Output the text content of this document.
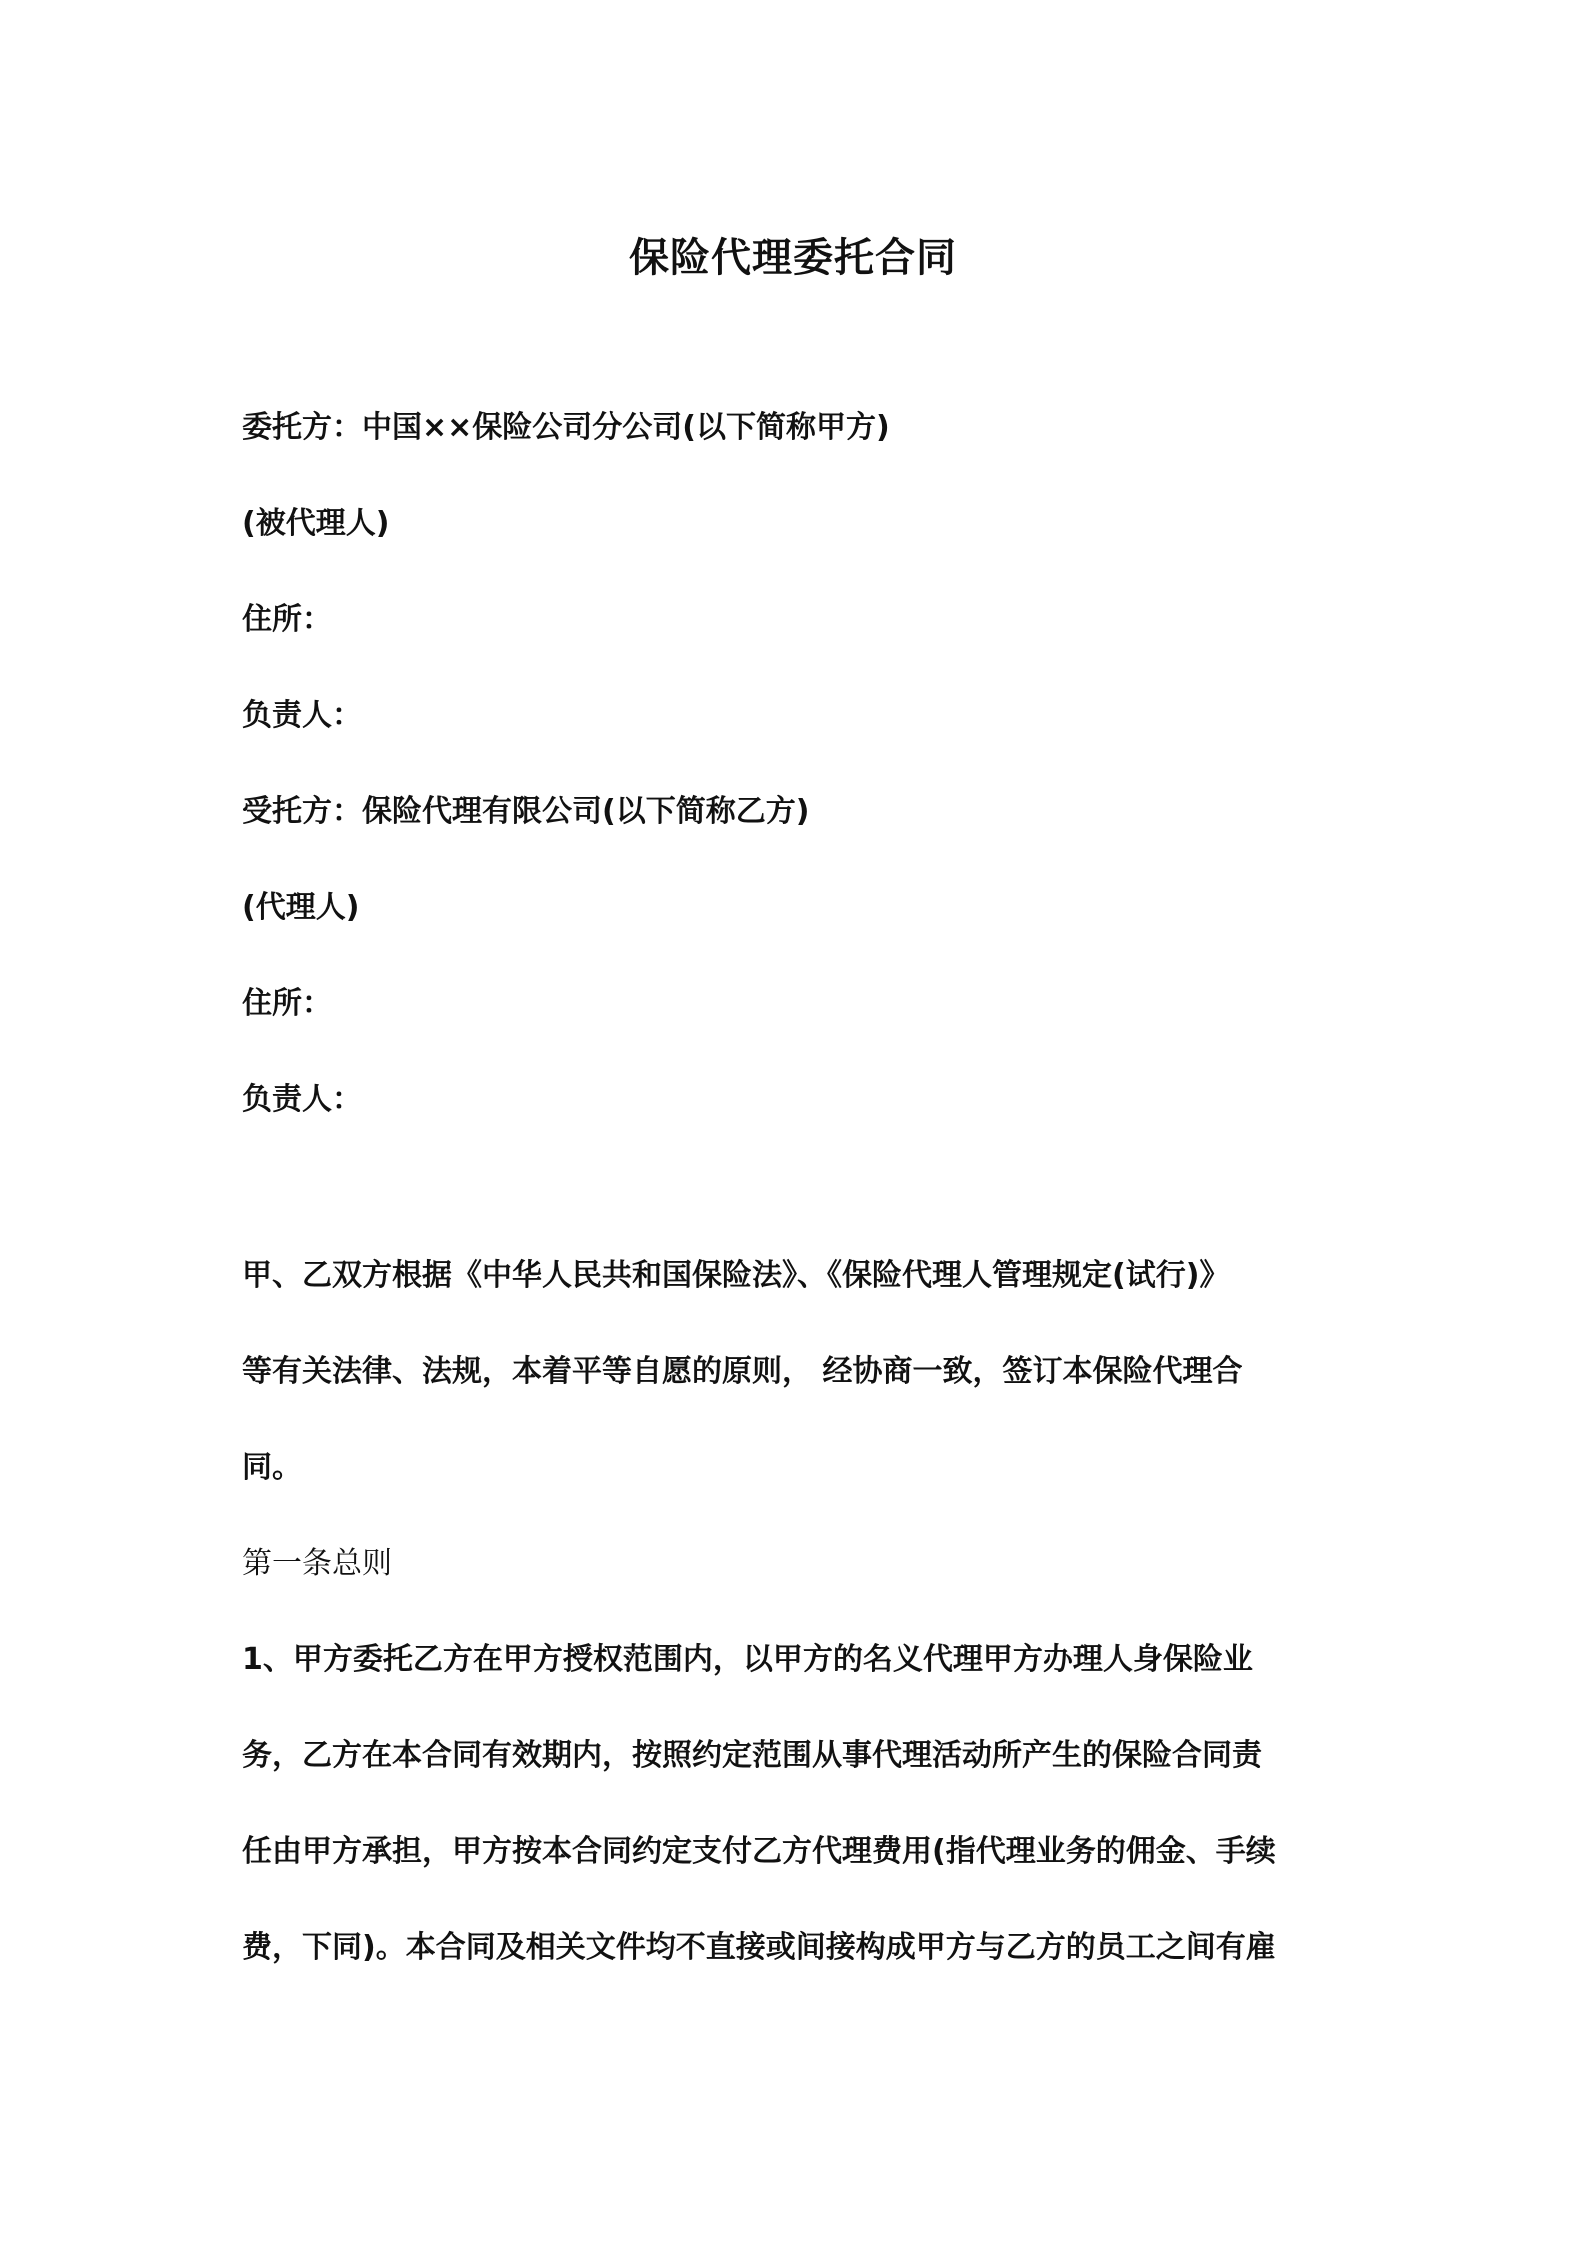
保险代理委托合同

委托方：中国××保险公司分公司(以下简称甲方)

(被代理人)

住所：

负责人：

受托方：保险代理有限公司(以下简称乙方)

(代理人)

住所：

负责人：

甲、乙双方根据《中华人民共和国保险法》、《保险代理人管理规定(试行)》

等有关法律、法规，本着平等自愿的原则， 经协商一致，签订本保险代理合

同。

第一条总则

1、甲方委托乙方在甲方授权范围内，以甲方的名义代理甲方办理人身保险业

务，乙方在本合同有效期内，按照约定范围从事代理活动所产生的保险合同责

任由甲方承担，甲方按本合同约定支付乙方代理费用(指代理业务的佣金、手续

费，下同)。本合同及相关文件均不直接或间接构成甲方与乙方的员工之间有雇
